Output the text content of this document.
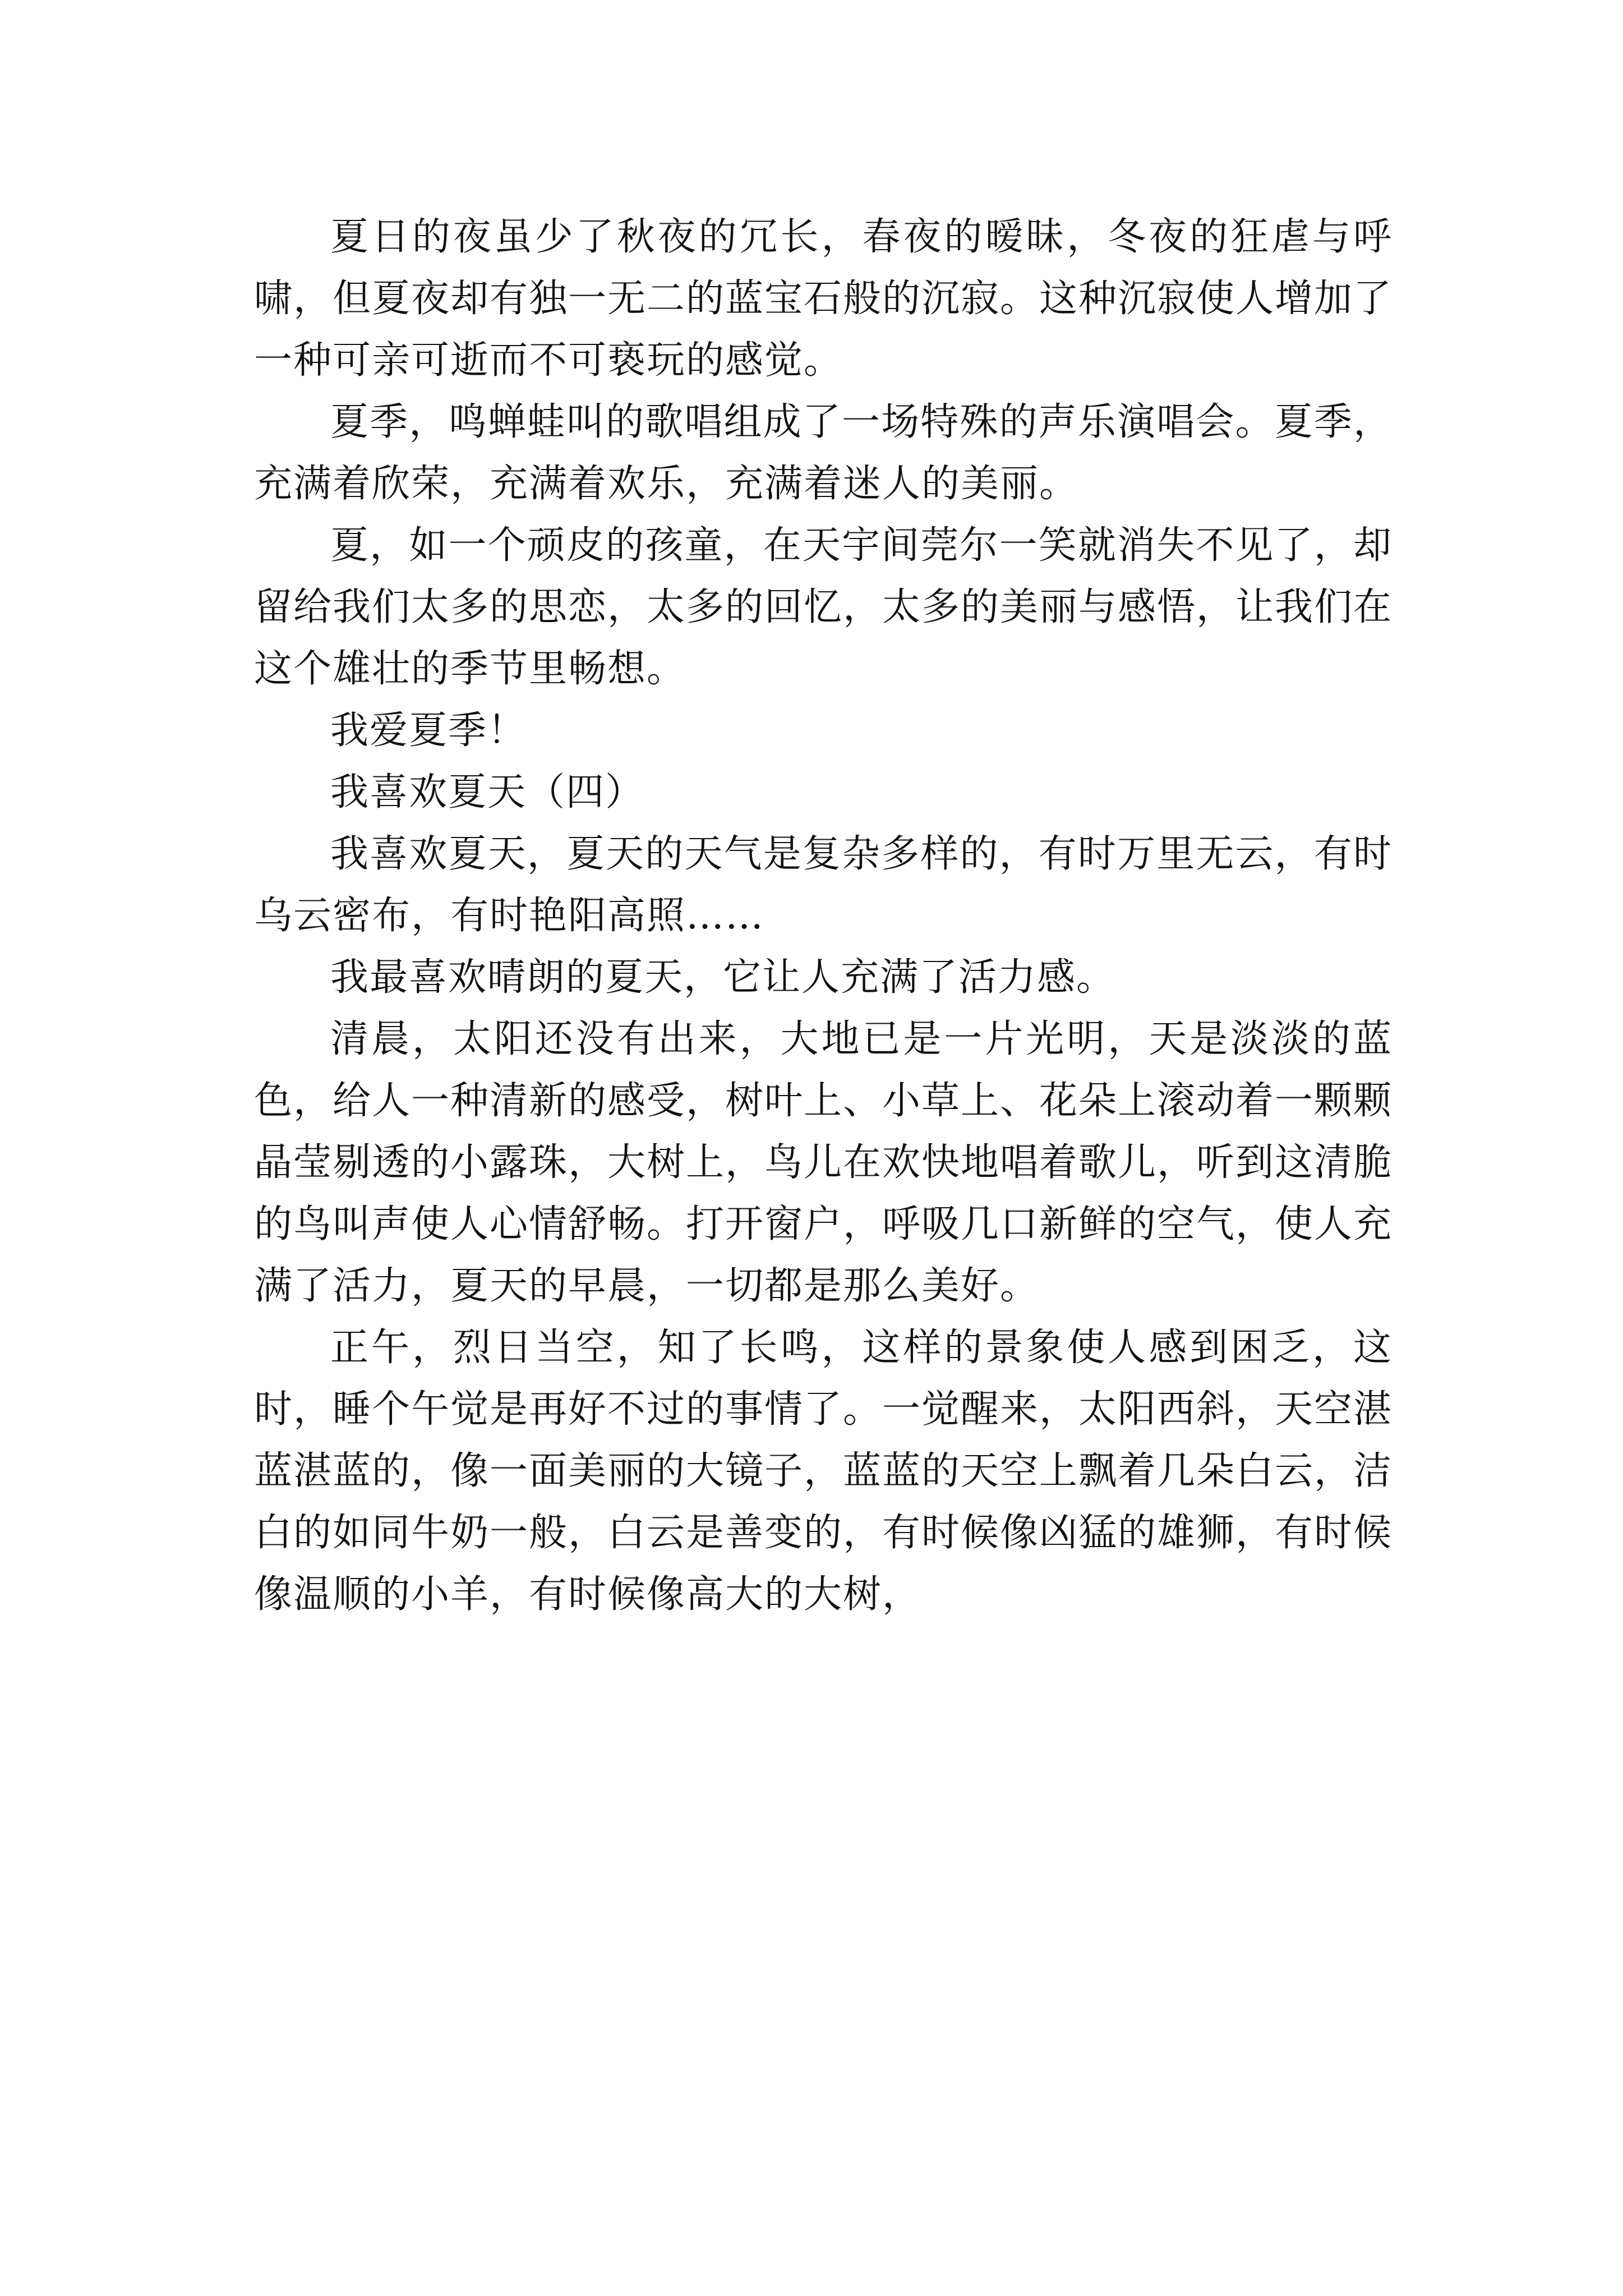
夏日的夜虽少了秋夜的冗长，春夜的暧昧，冬夜的狂虐与呼啸，但夏夜却有独一无二的蓝宝石般的沉寂。这种沉寂使人增加了一种可亲可逝而不可亵玩的感觉。

夏季，鸣蝉蛙叫的歌唱组成了一场特殊的声乐演唱会。夏季，充满着欣荣，充满着欢乐，充满着迷人的美丽。

夏，如一个顽皮的孩童，在天宇间莞尔一笑就消失不见了，却留给我们太多的思恋，太多的回忆，太多的美丽与感悟，让我们在这个雄壮的季节里畅想。

我爱夏季！

我喜欢夏天（四）

我喜欢夏天，夏天的天气是复杂多样的，有时万里无云，有时乌云密布，有时艳阳高照……

我最喜欢晴朗的夏天，它让人充满了活力感。

清晨，太阳还没有出来，大地已是一片光明，天是淡淡的蓝色，给人一种清新的感受，树叶上、小草上、花朵上滚动着一颗颗晶莹剔透的小露珠，大树上，鸟儿在欢快地唱着歌儿，听到这清脆的鸟叫声使人心情舒畅。打开窗户，呼吸几口新鲜的空气，使人充满了活力，夏天的早晨，一切都是那么美好。

正午，烈日当空，知了长鸣，这样的景象使人感到困乏，这时，睡个午觉是再好不过的事情了。一觉醒来，太阳西斜，天空湛蓝湛蓝的，像一面美丽的大镜子，蓝蓝的天空上飘着几朵白云，洁白的如同牛奶一般，白云是善变的，有时候像凶猛的雄狮，有时候像温顺的小羊，有时候像高大的大树，
